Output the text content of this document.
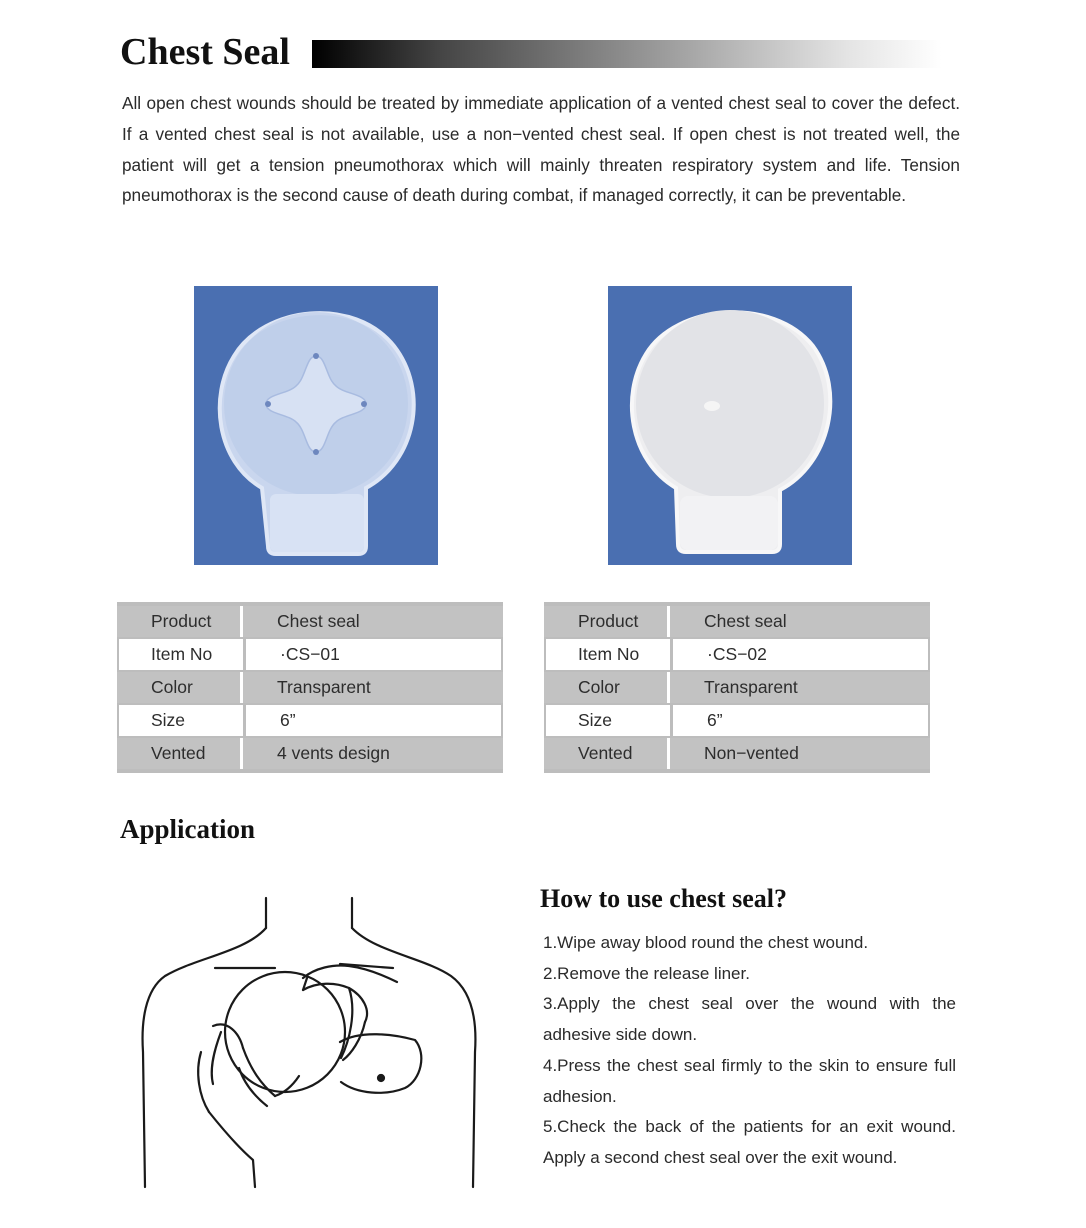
Chest Seal

All open chest wounds should be treated by immediate application of a vented chest seal to cover the defect. If a vented chest seal is not available, use a non−vented chest seal. If open chest is not treated well, the patient will get a tension pneumothorax which will mainly threaten respiratory system and life. Tension pneumothorax is the second cause of death during combat, if managed correctly, it can be preventable.

Product	Chest seal
Item No	·CS−01
Color	Transparent
Size	6”
Vented	4 vents design
Product	Chest seal
Item No	·CS−02
Color	Transparent
Size	6”
Vented	Non−vented
Application
How to use chest seal?
1.Wipe away blood round the chest wound.
2.Remove the release liner.
3.Apply the chest seal over the wound with the adhesive side down.
4.Press the chest seal firmly to the skin to ensure full adhesion.
5.Check the back of the patients for an exit wound. Apply a second chest seal over the exit wound.
